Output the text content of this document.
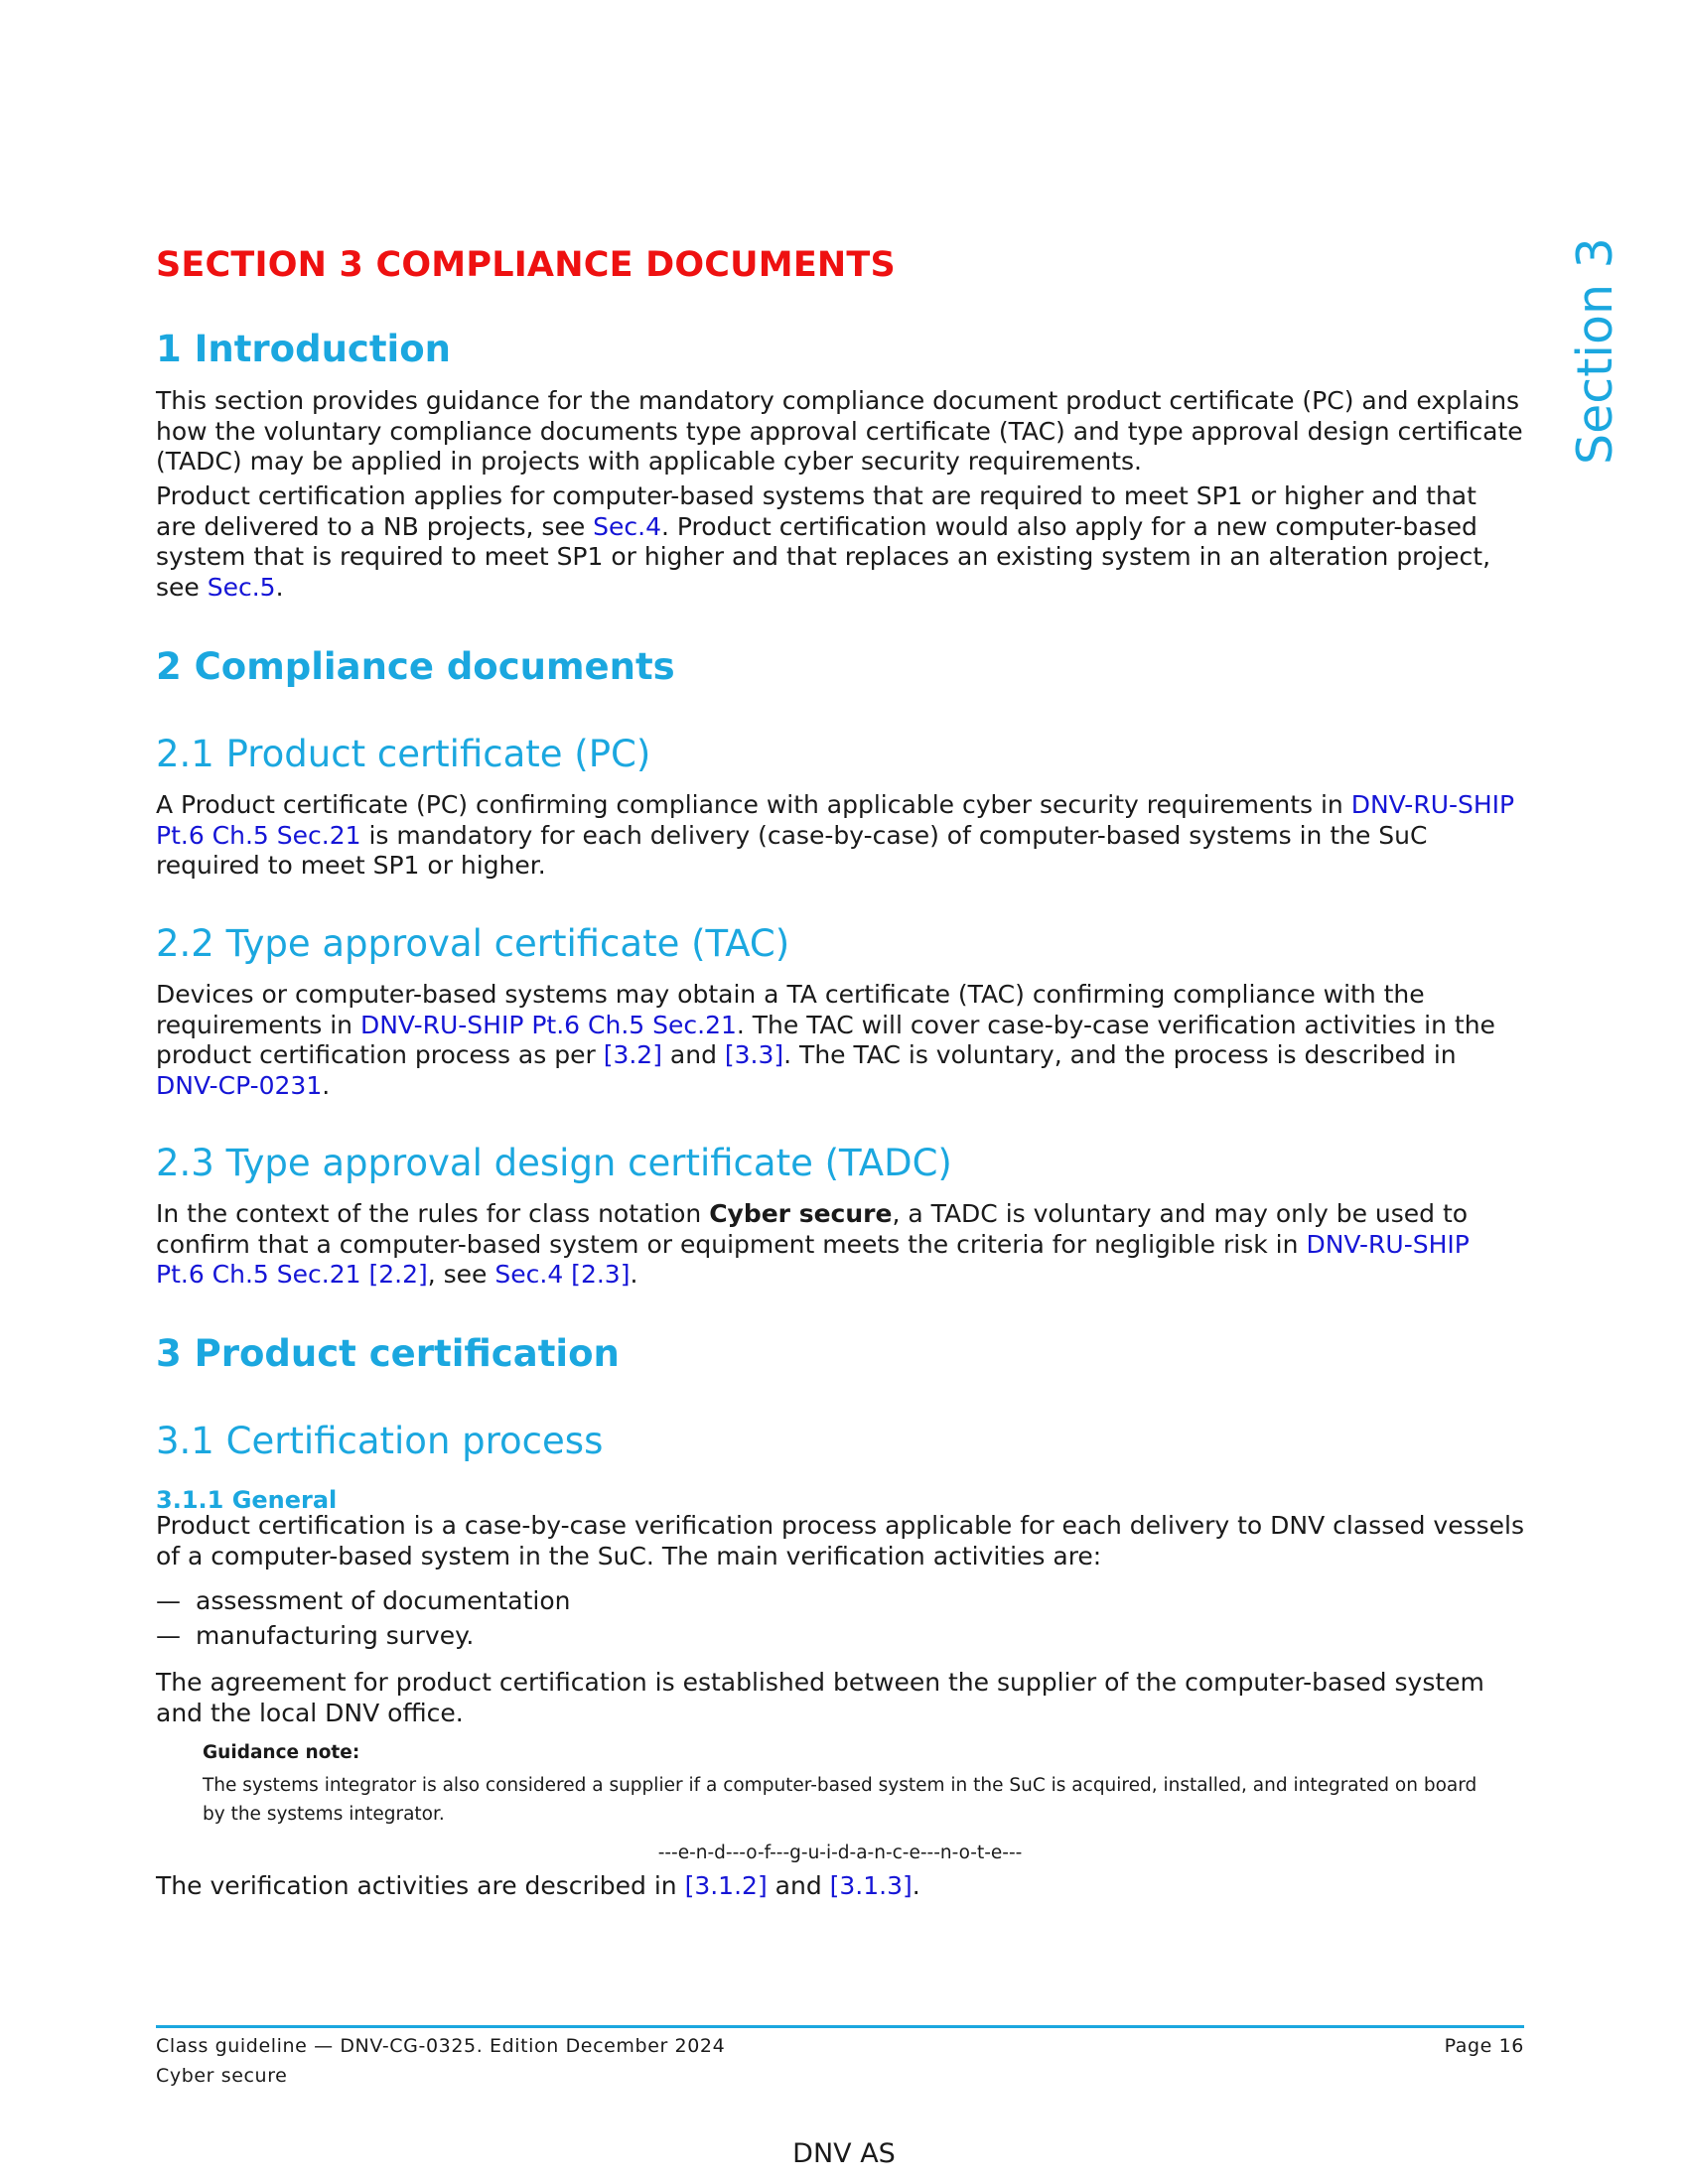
Section 3
SECTION 3 COMPLIANCE DOCUMENTS
1 Introduction

This section provides guidance for the mandatory compliance document product certificate (PC) and explains how the voluntary compliance documents type approval certificate (TAC) and type approval design certificate (TADC) may be applied in projects with applicable cyber security requirements.

Product certification applies for computer-based systems that are required to meet SP1 or higher and that are delivered to a NB projects, see Sec.4. Product certification would also apply for a new computer-based system that is required to meet SP1 or higher and that replaces an existing system in an alteration project, see Sec.5.

2 Compliance documents
2.1 Product certificate (PC)

A Product certificate (PC) confirming compliance with applicable cyber security requirements in DNV-RU-SHIP Pt.6 Ch.5 Sec.21 is mandatory for each delivery (case-by-case) of computer-based systems in the SuC required to meet SP1 or higher.

2.2 Type approval certificate (TAC)

Devices or computer-based systems may obtain a TA certificate (TAC) confirming compliance with the requirements in DNV-RU-SHIP Pt.6 Ch.5 Sec.21. The TAC will cover case-by-case verification activities in the product certification process as per [3.2] and [3.3]. The TAC is voluntary, and the process is described in DNV-CP-0231.

2.3 Type approval design certificate (TADC)

In the context of the rules for class notation Cyber secure, a TADC is voluntary and may only be used to confirm that a computer-based system or equipment meets the criteria for negligible risk in DNV-RU-SHIP Pt.6 Ch.5 Sec.21 [2.2], see Sec.4 [2.3].

3 Product certification
3.1 Certification process
3.1.1 General

Product certification is a case-by-case verification process applicable for each delivery to DNV classed vessels of a computer-based system in the SuC. The main verification activities are:

— assessment of documentation
— manufacturing survey.

The agreement for product certification is established between the supplier of the computer-based system and the local DNV office.

Guidance note:

The systems integrator is also considered a supplier if a computer-based system in the SuC is acquired, installed, and integrated on board by the systems integrator.

---e-n-d---o-f---g-u-i-d-a-n-c-e---n-o-t-e---

The verification activities are described in [3.1.2] and [3.1.3].

Class guideline — DNV-CG-0325. Edition December 2024
Cyber secure
Page 16
DNV AS
